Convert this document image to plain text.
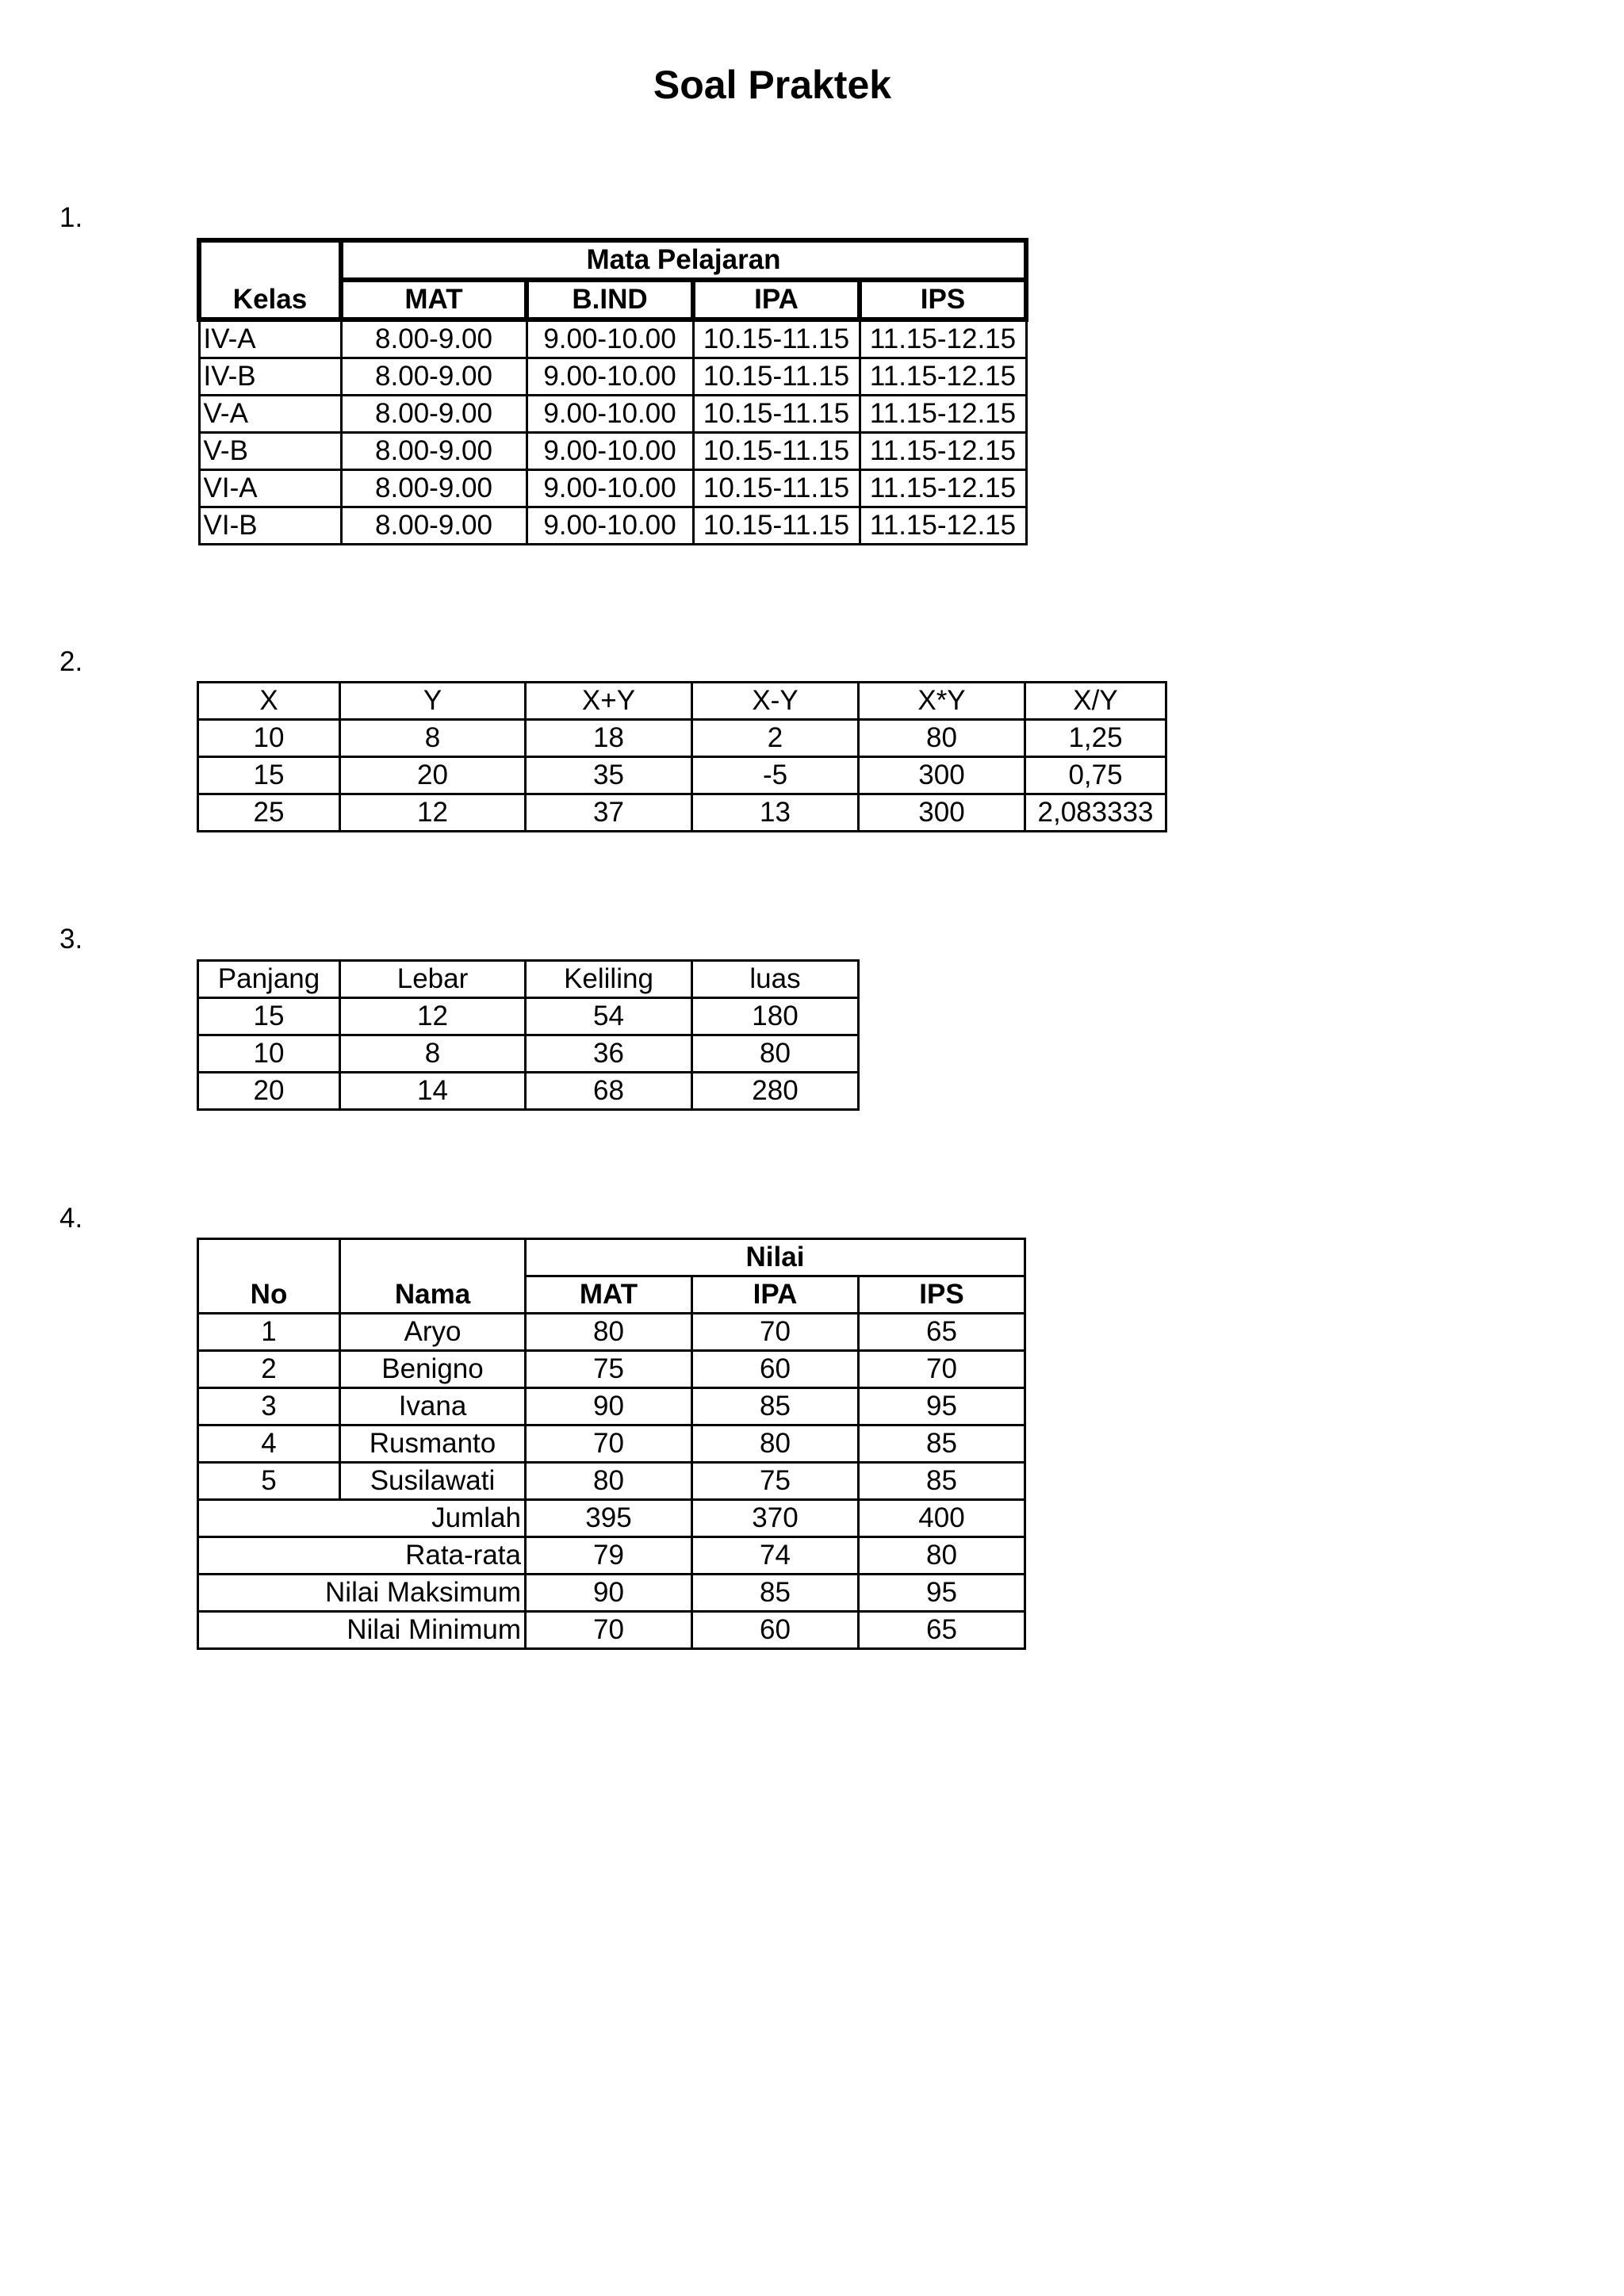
Soal Praktek
1.
2.
3.
4.
Kelas	Mata Pelajaran			
	MAT	B.IND	IPA	IPS
IV-A	8.00-9.00	9.00-10.00	10.15-11.15	11.15-12.15
IV-B	8.00-9.00	9.00-10.00	10.15-11.15	11.15-12.15
V-A	8.00-9.00	9.00-10.00	10.15-11.15	11.15-12.15
V-B	8.00-9.00	9.00-10.00	10.15-11.15	11.15-12.15
VI-A	8.00-9.00	9.00-10.00	10.15-11.15	11.15-12.15
VI-B	8.00-9.00	9.00-10.00	10.15-11.15	11.15-12.15
X	Y	X+Y	X-Y	X*Y	X/Y
10	8	18	2	80	1,25
15	20	35	-5	300	0,75
25	12	37	13	300	2,083333
Panjang	Lebar	Keliling	luas
15	12	54	180
10	8	36	80
20	14	68	280
No	Nama	Nilai		
		MAT	IPA	IPS
1	Aryo	80	70	65
2	Benigno	75	60	70
3	Ivana	90	85	95
4	Rusmanto	70	80	85
5	Susilawati	80	75	85
Jumlah		395	370	400
Rata-rata		79	74	80
Nilai Maksimum		90	85	95
Nilai Minimum		70	60	65
